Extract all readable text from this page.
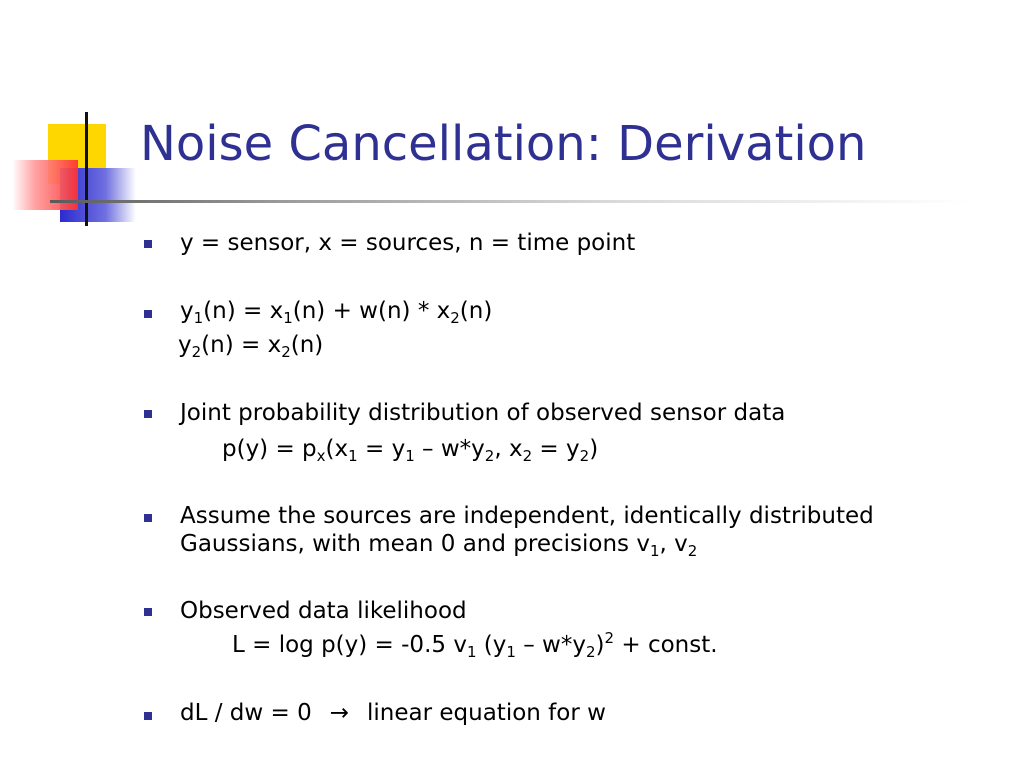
Noise Cancellation: Derivation
y = sensor, x = sources, n = time point
$y_1(n) = x_1(n) + w(n) * x_2(n)$
$y_2(n) = x_2(n)$
Joint probability distribution of observed sensor data
$p(y) = p_x(x_1 = y_1 - w*y_2$, $x_2 = y_2$)
Assume the sources are independent, identically distributed
Gaussians, with mean 0 and precisions $v_1$, $v_2$
Observed data likelihood
L = log p(y) = -0.5 $v_1$ $(y_1 - w*y_2)^2$ + const.
dL / dw = 0 → linear equation for w
